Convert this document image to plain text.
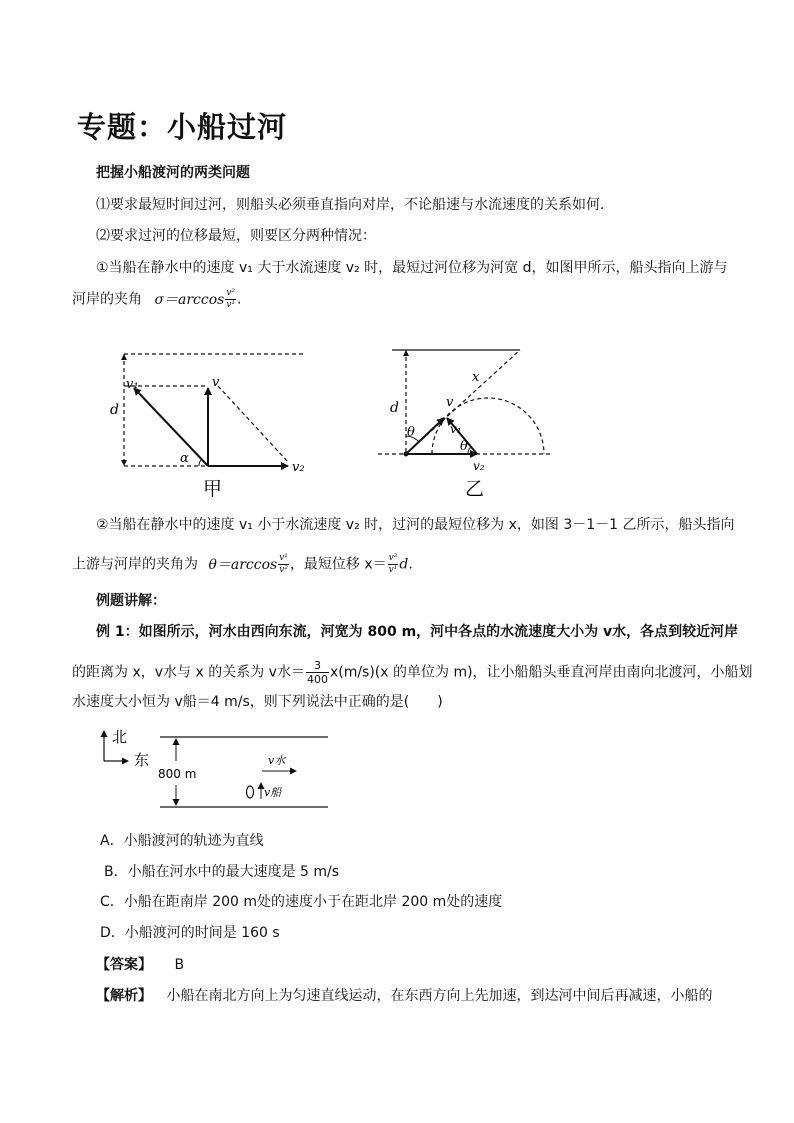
专题：小船过河
把握小船渡河的两类问题
⑴要求最短时间过河，则船头必须垂直指向对岸，不论船速与水流速度的关系如何．
⑵要求过河的位移最短，则要区分两种情况：
①当船在静水中的速度 v₁ 大于水流速度 v₂ 时，最短过河位移为河宽 d，如图甲所示，船头指向上游与
河岸的夹角 $\sigma=\arccos \frac{\text{v²}}{\text{v¹}}$ .
v₁	v
d
α
v₂
甲
d
x
v
v₁
θ
θ
v₂
乙
②当船在静水中的速度 v₁ 小于水流速度 v₂ 时，过河的最短位移为 x，如图 3－1－1 乙所示，船头指向
上游与河岸的夹角为 $\theta=\arccos \frac{\text{v¹}}{\text{v²}}$ ，最短位移 $x= \frac{\text{v²}}{\text{v¹}} d$.
例题讲解：
例 1：如图所示，河水由西向东流，河宽为 800 m，河中各点的水流速度大小为 v水，各点到较近河岸
的距离为 x，v水与 x 的关系为 v水＝ $\frac{3}{400} x(m/s)(x$ 的单位为 m)，让小船船头垂直河岸由南向北渡河，小船划
水速度大小恒为 v船＝4 m/s，则下列说法中正确的是(　　)
北
东
800 m
v水
v船
A．小船渡河的轨迹为直线
B．小船在河水中的最大速度是 5 m/s
C．小船在距南岸 200 m处的速度小于在距北岸 200 m处的速度
D．小船渡河的时间是 160 s
【答案】 B
【解析】 小船在南北方向上为匀速直线运动，在东西方向上先加速，到达河中间后再减速，小船的
